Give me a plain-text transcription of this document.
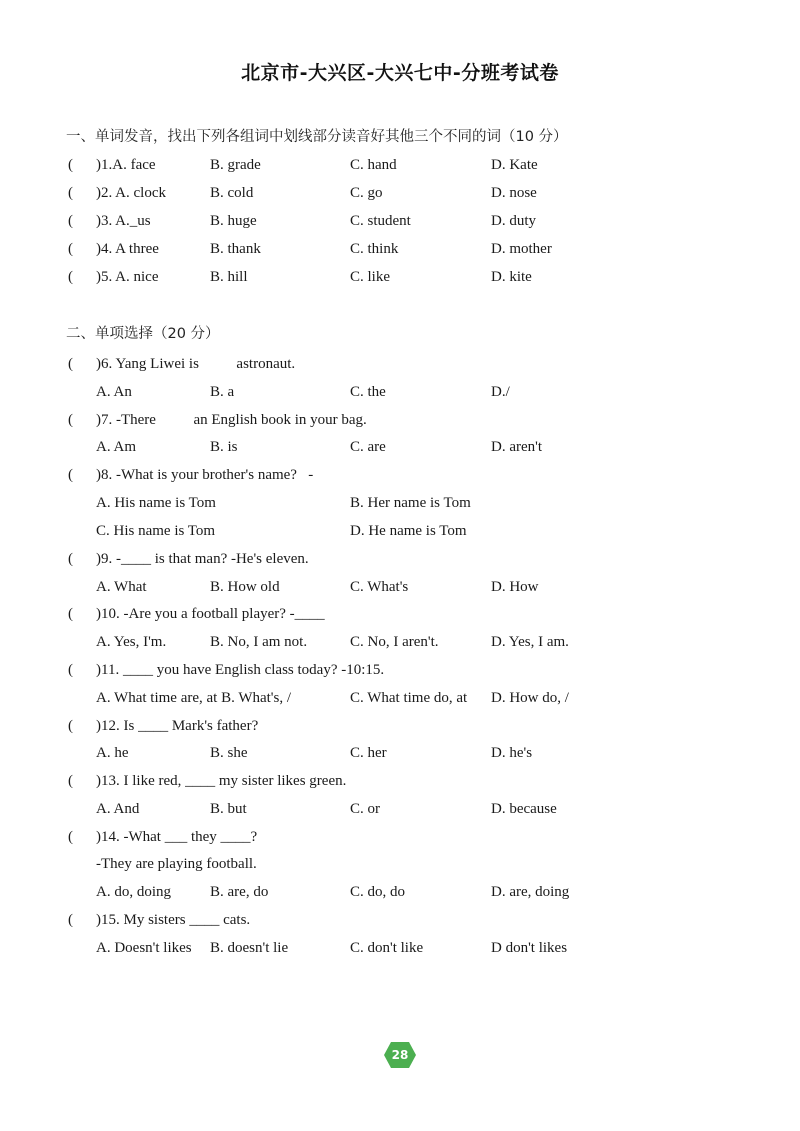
北京市-大兴区-大兴七中-分班考试卷
一、单词发音，找出下列各组词中划线部分读音好其他三个不同的词（10 分）
( )1.A. face	B. grade	C. hand	D. Kate
( )2. A. clock	B. cold	C. go	D. nose
( )3. A._us	B. huge	C. student	D. duty
( )4. A three	B. thank	C. think	D. mother
( )5. A. nice	B. hill	C. like	D. kite
二、单项选择（20 分）
( )6. Yang Liwei is          astronaut.
A. An	B. a	C. the	D./
( )7. -There          an English book in your bag.
A. Am	B. is	C. are	D. aren't
( )8. -What is your brother's name?   -
A. His name is Tom	B. Her name is Tom
C. His name is Tom	D. He name is Tom
( )9. -____ is that man? -He's eleven.
A. What	B. How old	C. What's	D. How
( )10. -Are you a football player? -____
A. Yes, I'm.	B. No, I am not.	C. No, I aren't.	D. Yes, I am.
( )11. ____ you have English class today? -10:15.
A. What time are, at B. What's, /	C. What time do, at D. How do, /
( )12. Is ____ Mark's father?
A. he	B. she	C. her	D. he's
( )13. I like red, ____ my sister likes green.
A. And	B. but	C. or	D. because
( )14. -What ___ they ____?
-They are playing football.
A. do, doing	B. are, do	C. do, do	D. are, doing
( )15. My sisters ____ cats.
A. Doesn't likes B. doesn't lie	C. don't like	D don't likes
28
